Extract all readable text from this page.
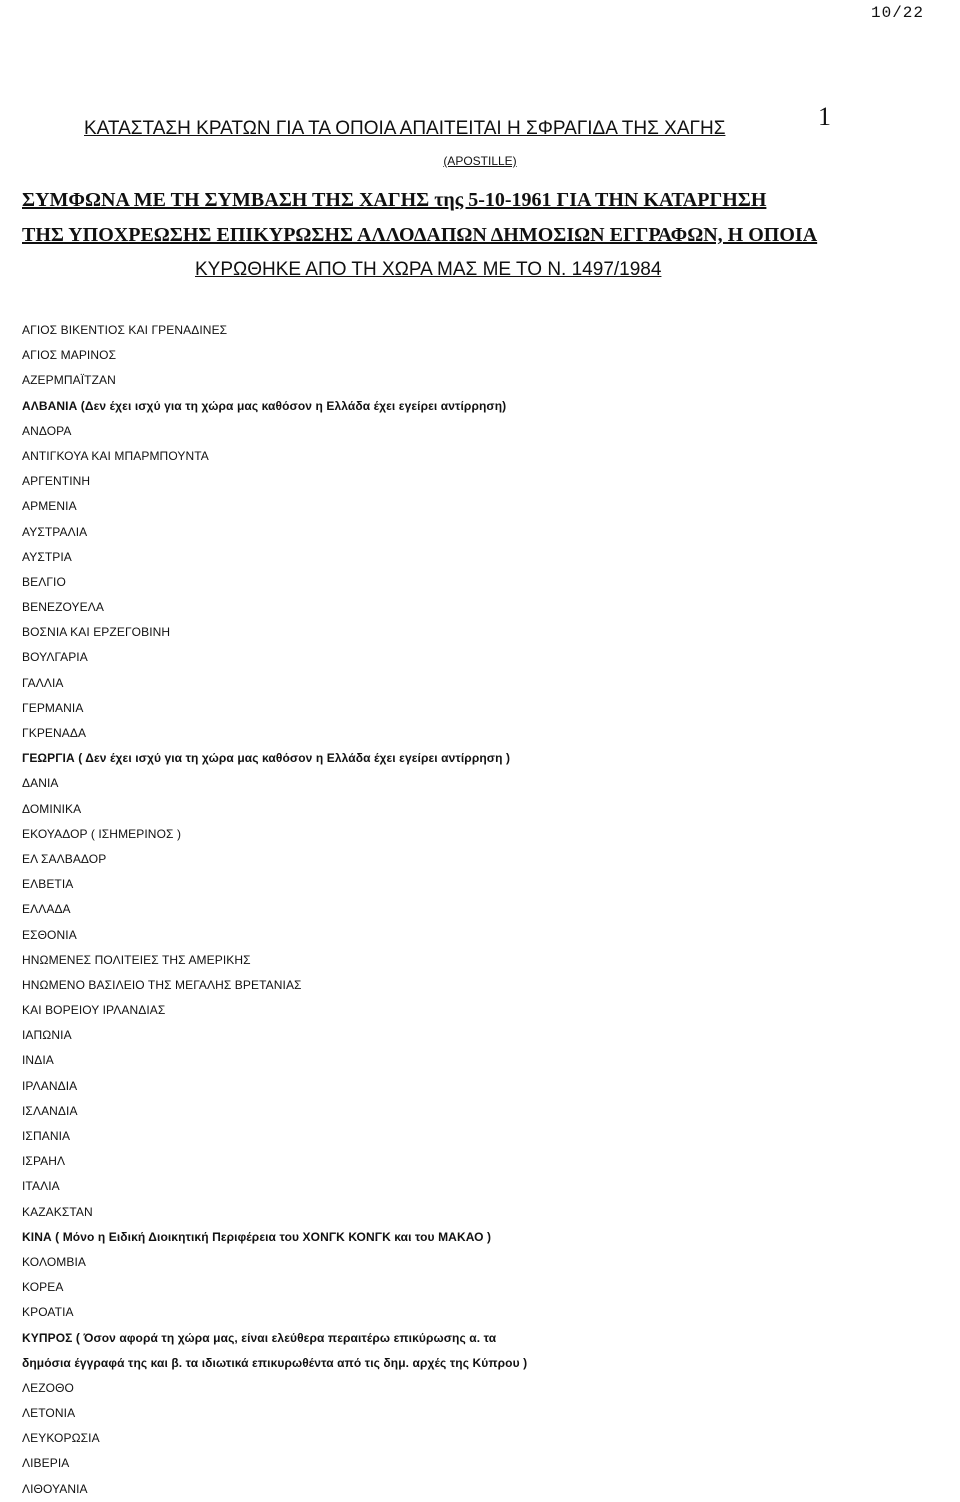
10/22
1
ΚΑΤΑΣΤΑΣΗ ΚΡΑΤΩΝ ΓΙΑ ΤΑ ΟΠΟΙΑ ΑΠΑΙΤΕΙΤΑΙ Η ΣΦΡΑΓΙΔΑ ΤΗΣ ΧΑΓΗΣ
(APOSTILLE)
ΣΥΜΦΩΝΑ ΜΕ ΤΗ ΣΥΜΒΑΣΗ ΤΗΣ ΧΑΓΗΣ της 5-10-1961 ΓΙΑ ΤΗΝ ΚΑΤΑΡΓΗΣΗ
ΤΗΣ ΥΠΟΧΡΕΩΣΗΣ ΕΠΙΚΥΡΩΣΗΣ ΑΛΛΟΔΑΠΩΝ ΔΗΜΟΣΙΩΝ ΕΓΓΡΑΦΩΝ, Η ΟΠΟΙΑ
ΚΥΡΩΘΗΚΕ ΑΠΟ ΤΗ ΧΩΡΑ ΜΑΣ ΜΕ ΤΟ Ν. 1497/1984
ΑΓΙΟΣ ΒΙΚΕΝΤΙΟΣ ΚΑΙ ΓΡΕΝΑΔΙΝΕΣ
ΑΓΙΟΣ ΜΑΡΙΝΟΣ
ΑΖΕΡΜΠΑΪΤΖΑΝ
ΑΛΒΑΝΙΑ (Δεν έχει ισχύ για τη χώρα μας καθόσον η Ελλάδα έχει εγείρει αντίρρηση)
ΑΝΔΟΡΑ
ΑΝΤΙΓΚΟΥΑ ΚΑΙ ΜΠΑΡΜΠΟΥΝΤΑ
ΑΡΓΕΝΤΙΝΗ
ΑΡΜΕΝΙΑ
ΑΥΣΤΡΑΛΙΑ
ΑΥΣΤΡΙΑ
ΒΕΛΓΙΟ
ΒΕΝΕΖΟΥΕΛΑ
ΒΟΣΝΙΑ ΚΑΙ ΕΡΖΕΓΟΒΙΝΗ
ΒΟΥΛΓΑΡΙΑ
ΓΑΛΛΙΑ
ΓΕΡΜΑΝΙΑ
ΓΚΡΕΝΑΔΑ
ΓΕΩΡΓΙΑ ( Δεν έχει ισχύ για τη χώρα μας καθόσον η Ελλάδα έχει εγείρει αντίρρηση )
ΔΑΝΙΑ
ΔΟΜΙΝΙΚΑ
ΕΚΟΥΑΔΟΡ ( ΙΣΗΜΕΡΙΝΟΣ )
ΕΛ ΣΑΛΒΑΔΟΡ
ΕΛΒΕΤΙΑ
ΕΛΛΑΔΑ
ΕΣΘΟΝΙΑ
ΗΝΩΜΕΝΕΣ ΠΟΛΙΤΕΙΕΣ ΤΗΣ ΑΜΕΡΙΚΗΣ
ΗΝΩΜΕΝΟ ΒΑΣΙΛΕΙΟ ΤΗΣ ΜΕΓΑΛΗΣ ΒΡΕΤΑΝΙΑΣ
ΚΑΙ ΒΟΡΕΙΟΥ ΙΡΛΑΝΔΙΑΣ
ΙΑΠΩΝΙΑ
ΙΝΔΙΑ
ΙΡΛΑΝΔΙΑ
ΙΣΛΑΝΔΙΑ
ΙΣΠΑΝΙΑ
ΙΣΡΑΗΛ
ΙΤΑΛΙΑ
ΚΑΖΑΚΣΤΑΝ
ΚΙΝΑ ( Μόνο η Ειδική Διοικητική Περιφέρεια του ΧΟΝΓΚ ΚΟΝΓΚ και του ΜΑΚΑΟ )
ΚΟΛΟΜΒΙΑ
ΚΟΡΕΑ
ΚΡΟΑΤΙΑ
ΚΥΠΡΟΣ ( Όσον αφορά τη χώρα μας, είναι ελεύθερα περαιτέρω επικύρωσης α. τα
δημόσια έγγραφά της και β. τα ιδιωτικά επικυρωθέντα από τις δημ. αρχές της Κύπρου )
ΛΕΖΟΘΟ
ΛΕΤΟΝΙΑ
ΛΕΥΚΟΡΩΣΙΑ
ΛΙΒΕΡΙΑ
ΛΙΘΟΥΑΝΙΑ
